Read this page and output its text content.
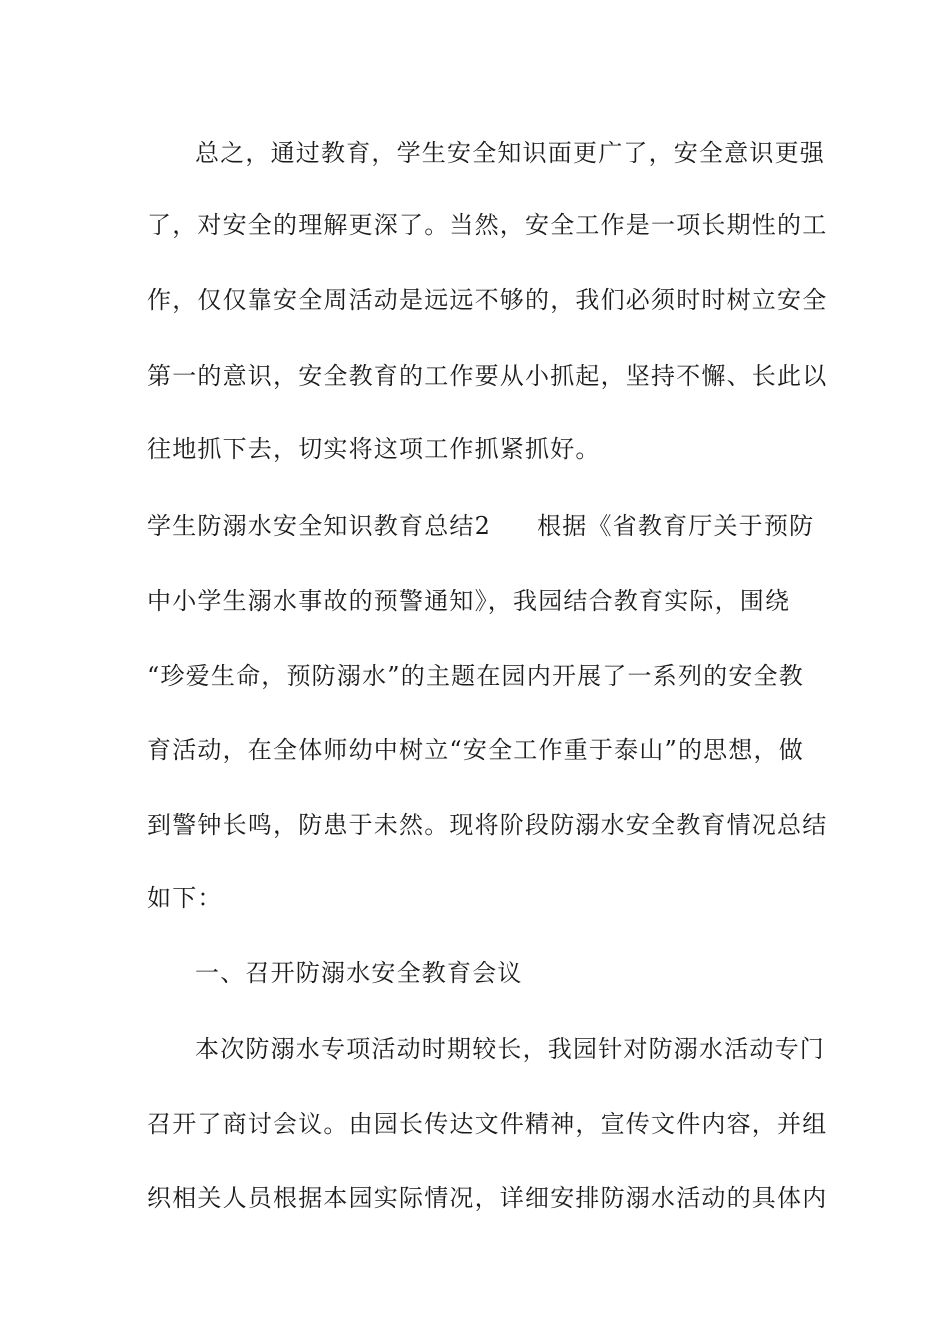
总之，通过教育，学生安全知识面更广了，安全意识更强
了，对安全的理解更深了。当然，安全工作是一项长期性的工
作，仅仅靠安全周活动是远远不够的，我们必须时时树立安全
第一的意识，安全教育的工作要从小抓起，坚持不懈、长此以
往地抓下去，切实将这项工作抓紧抓好。
学生防溺水安全知识教育总结2 根据《省教育厅关于预防
中小学生溺水事故的预警通知》，我园结合教育实际，围绕
“珍爱生命，预防溺水”的主题在园内开展了一系列的安全教
育活动，在全体师幼中树立“安全工作重于泰山”的思想，做
到警钟长鸣，防患于未然。现将阶段防溺水安全教育情况总结
如下：
一、召开防溺水安全教育会议
本次防溺水专项活动时期较长，我园针对防溺水活动专门
召开了商讨会议。由园长传达文件精神，宣传文件内容，并组
织相关人员根据本园实际情况，详细安排防溺水活动的具体内
